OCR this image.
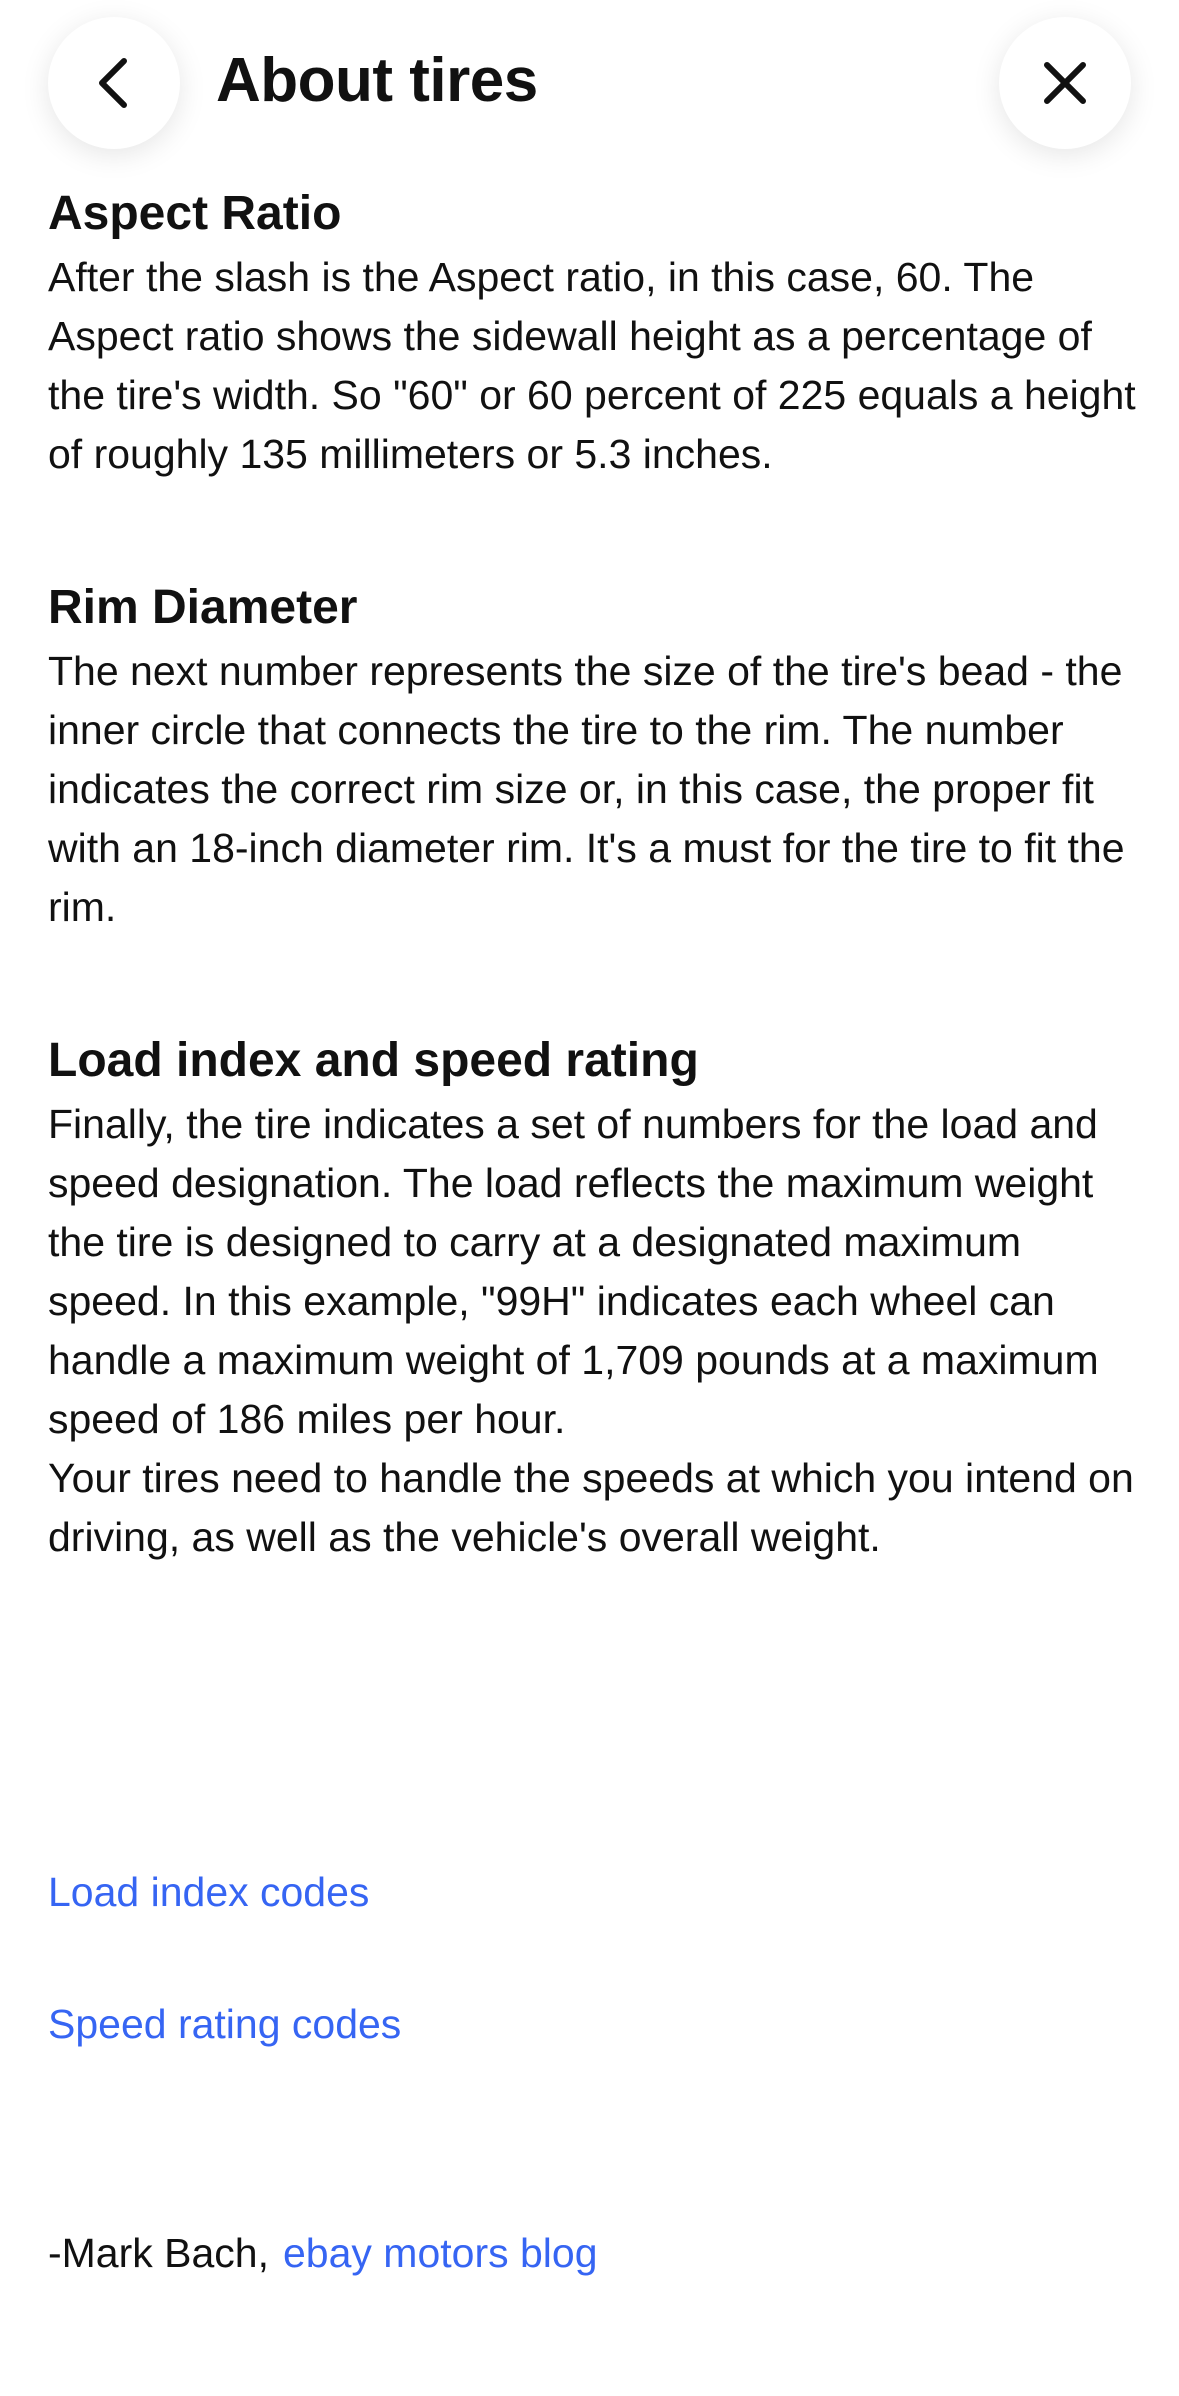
About tires
Aspect Ratio

After the slash is the Aspect ratio, in this case, 60. The Aspect ratio shows the sidewall height as a percentage of the tire's width. So "60" or 60 percent of 225 equals a height of roughly 135 millimeters or 5.3 inches.

Rim Diameter

The next number represents the size of the tire's bead - the inner circle that connects the tire to the rim. The number indicates the correct rim size or, in this case, the proper fit with an 18-inch diameter rim. It's a must for the tire to fit the rim.

Load index and speed rating

Finally, the tire indicates a set of numbers for the load and speed designation. The load reflects the maximum weight the tire is designed to carry at a designated maximum speed. In this example, "99H" indicates each wheel can handle a maximum weight of 1,709 pounds at a maximum speed of 186 miles per hour.

Your tires need to handle the speeds at which you intend on driving, as well as the vehicle's overall weight.

Load index codes
Speed rating codes
-Mark Bach, ebay motors blog
